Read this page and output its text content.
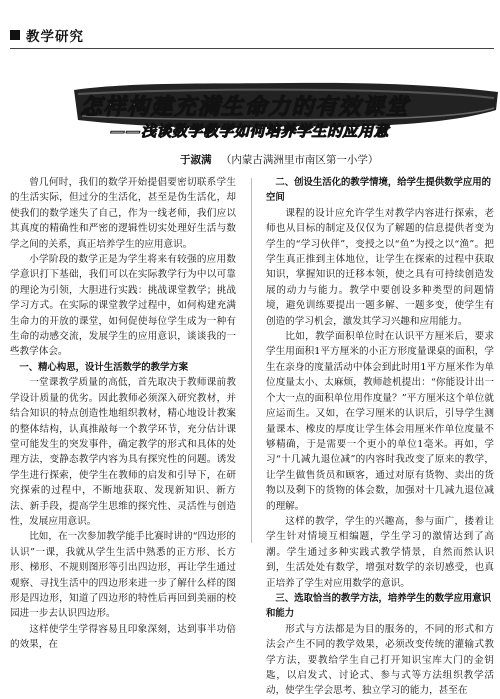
教学研究
怎样构建充满生命力的有效课堂
——浅谈数学教学如何培养学生的应用意
于淑满 （内蒙古满洲里市南区第一小学）

曾几何时，我们的数学开始提倡要密切联系学生的生活实际，但过分的生活化，甚至是伪生活化，却使我们的数学迷失了自己，作为一线老师，我们应以其真度的精确性和严密的逻辑性切实处理好生活与数学之间的关系，真正培养学生的应用意识。

小学阶段的数学正是为学生将来有较强的应用数学意识打下基础，我们可以在实际教学行为中以可靠的理论为引领，大胆进行实践：挑战课堂教学；挑战学习方式。在实际的课堂教学过程中，如何构建充满生命力的开放的课堂，如何促使每位学生成为一种有生命的动感交流，发展学生的应用意识，谈谈我的一些教学体会。

一、精心构思，设计生活数学的教学方案

一堂课教学质量的高低，首先取决于教师课前教学设计质量的优劣。因此教师必须深入研究教材，并结合知识的特点创造性地组织教材，精心地设计教案的整体结构，认真推敲每一个教学环节，充分估计课堂可能发生的突发事件，确定教学的形式和具体的处理方法，变静态教学内容为具有探究性的问题。诱发学生进行探索，使学生在教师的启发和引导下，在研究探索的过程中，不断地获取、发现新知识、新方法、新手段，提高学生思维的探究性、灵活性与创造性，发展应用意识。

比如，在一次参加教学能手比赛时讲的“四边形的认识”一课，我就从学生生活中熟悉的正方形、长方形、梯形、不规则图形等引出四边形，再让学生通过观察、寻找生活中的四边形来进一步了解什么样的图形是四边形，知道了四边形的特性后再回到美丽的校园进一步去认识四边形。

这样使学生学得容易且印象深刻，达到事半功倍的效果，在

二、创设生活化的教学情境，给学生提供数学应用的空间

课程的设计应允许学生对教学内容进行探索，老师也从目标的制定及仅仅为了解题的信息提供者变为学生的“学习伙伴”，变授之以“鱼”为授之以“渔”。把学生真正推到主体地位，让学生在探索的过程中获取知识，掌握知识的迁移本领，使之具有可持续创造发展的动力与能力。教学中要创设多种类型的问题情境，避免训练要提出一题多解、一题多变，使学生有创造的学习机会，激发其学习兴趣和应用能力。

比如，教学面积单位时在认识平方厘米后，要求学生用面积1平方厘米的小正方形度量课桌的面积，学生在亲身的度量活动中体会到此时用1平方厘米作为单位度量太小、太麻烦，教师趁机提出：“你能设计出一个大一点的面积单位用作度量？”平方厘米这个单位就应运而生。又如，在学习厘米的认识后，引导学生测量课本、橡皮的厚度让学生体会用厘米作单位度量不够精确，于是需要一个更小的单位1毫米。再如，学习“十几减九退位减”的内容时我改变了原来的教学，让学生做售货员和顾客，通过对原有货物、卖出的货物以及剩下的货物的体会数，加强对十几减九退位减的理解。

这样的教学，学生的兴趣高，参与面广，搂着让学生针对情境互相编题，学生学习的激情达到了高潮。学生通过多种实践式教学情景，自然而然认识到，生活处处有数学，增强对数学的亲切感受，也真正培养了学生对应用数学的意识。

三、选取恰当的教学方法，培养学生的数学应用意识和能力

形式与方法都是为目的服务的，不同的形式和方法会产生不同的教学效果，必须改变传统的灌输式教学方法，要教给学生自己打开知识宝库大门的金钥匙，以启发式、讨论式、参与式等方法组织教学活动，使学生学会思考、独立学习的能力，甚至在
